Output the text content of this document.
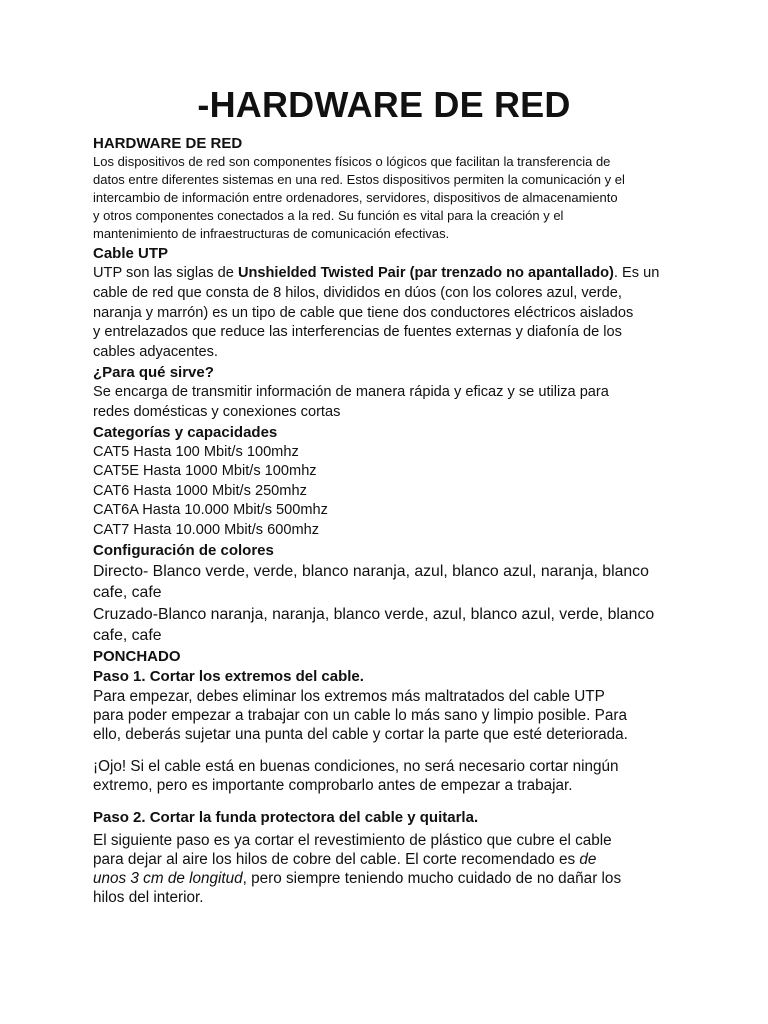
-HARDWARE DE RED

HARDWARE DE RED

Los dispositivos de red son componentes físicos o lógicos que facilitan la transferencia de
datos entre diferentes sistemas en una red. Estos dispositivos permiten la comunicación y el
intercambio de información entre ordenadores, servidores, dispositivos de almacenamiento
y otros componentes conectados a la red. Su función es vital para la creación y el
mantenimiento de infraestructuras de comunicación efectivas.

Cable UTP

UTP son las siglas de Unshielded Twisted Pair (par trenzado no apantallado). Es un
cable de red que consta de 8 hilos, divididos en dúos (con los colores azul, verde,
naranja y marrón) es un tipo de cable que tiene dos conductores eléctricos aislados
y entrelazados que reduce las interferencias de fuentes externas y diafonía de los
cables adyacentes.

¿Para qué sirve?

Se encarga de transmitir información de manera rápida y eficaz y se utiliza para
redes domésticas y conexiones cortas

Categorías y capacidades

CAT5 Hasta 100 Mbit/s 100mhz
CAT5E Hasta 1000 Mbit/s 100mhz
CAT6 Hasta 1000 Mbit/s 250mhz
CAT6A Hasta 10.000 Mbit/s 500mhz
CAT7 Hasta 10.000 Mbit/s 600mhz

Configuración de colores

Directo- Blanco verde, verde, blanco naranja, azul, blanco azul, naranja, blanco
cafe, cafe
Cruzado-Blanco naranja, naranja, blanco verde, azul, blanco azul, verde, blanco
cafe, cafe

PONCHADO

Paso 1. Cortar los extremos del cable.

Para empezar, debes eliminar los extremos más maltratados del cable UTP
para poder empezar a trabajar con un cable lo más sano y limpio posible. Para
ello, deberás sujetar una punta del cable y cortar la parte que esté deteriorada.
¡Ojo! Si el cable está en buenas condiciones, no será necesario cortar ningún
extremo, pero es importante comprobarlo antes de empezar a trabajar.

Paso 2. Cortar la funda protectora del cable y quitarla.

El siguiente paso es ya cortar el revestimiento de plástico que cubre el cable
para dejar al aire los hilos de cobre del cable. El corte recomendado es de
unos 3 cm de longitud, pero siempre teniendo mucho cuidado de no dañar los
hilos del interior.
